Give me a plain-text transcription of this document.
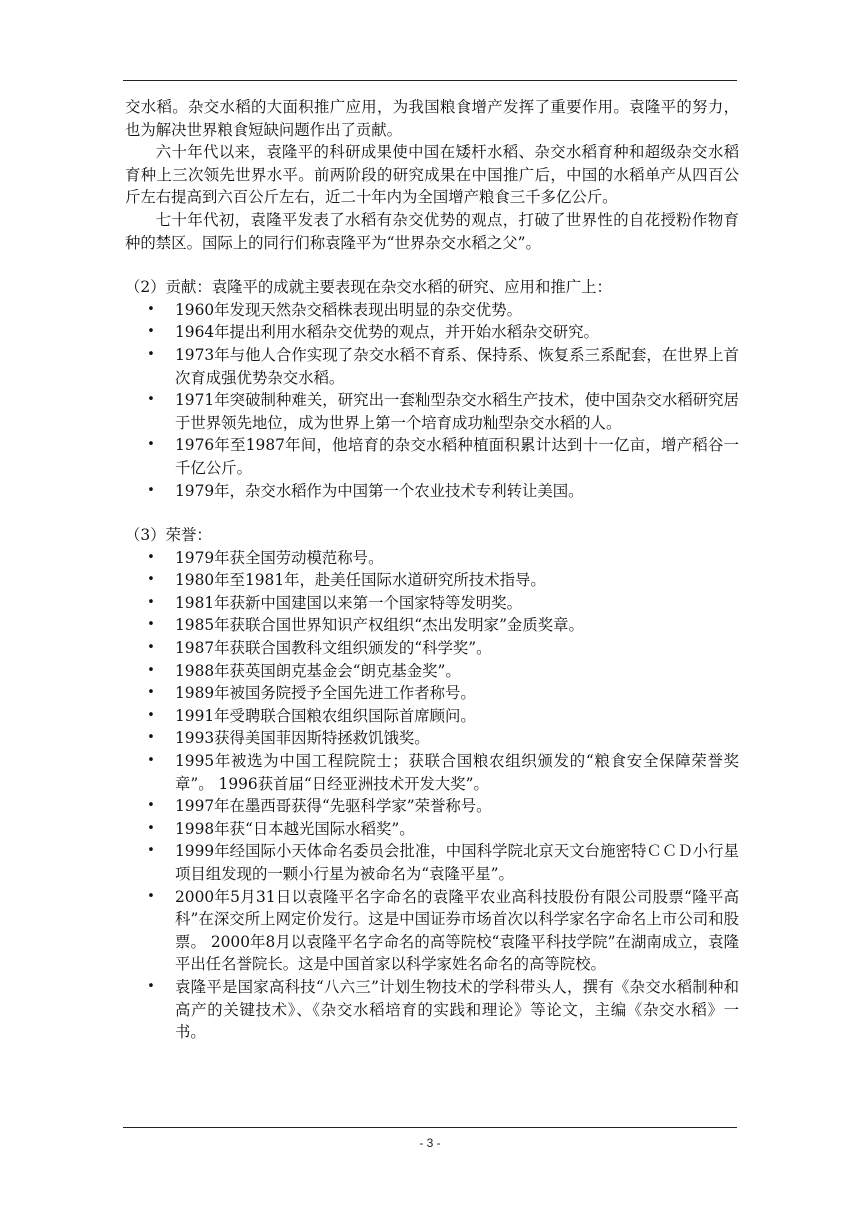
交水稻。杂交水稻的大面积推广应用，为我国粮食增产发挥了重要作用。袁隆平的努力，也为解决世界粮食短缺问题作出了贡献。

六十年代以来，袁隆平的科研成果使中国在矮杆水稻、杂交水稻育种和超级杂交水稻育种上三次领先世界水平。前两阶段的研究成果在中国推广后，中国的水稻单产从四百公斤左右提高到六百公斤左右，近二十年内为全国增产粮食三千多亿公斤。

七十年代初，袁隆平发表了水稻有杂交优势的观点，打破了世界性的自花授粉作物育种的禁区。国际上的同行们称袁隆平为“世界杂交水稻之父”。

（2）贡献：袁隆平的成就主要表现在杂交水稻的研究、应用和推广上：

• 1960年发现天然杂交稻株表现出明显的杂交优势。
• 1964年提出利用水稻杂交优势的观点，并开始水稻杂交研究。
• 1973年与他人合作实现了杂交水稻不育系、保持系、恢复系三系配套，在世界上首次育成强优势杂交水稻。
• 1971年突破制种难关，研究出一套籼型杂交水稻生产技术，使中国杂交水稻研究居于世界领先地位，成为世界上第一个培育成功籼型杂交水稻的人。
• 1976年至1987年间，他培育的杂交水稻种植面积累计达到十一亿亩，增产稻谷一千亿公斤。
• 1979年，杂交水稻作为中国第一个农业技术专利转让美国。

（3）荣誉：

• 1979年获全国劳动模范称号。
• 1980年至1981年，赴美任国际水道研究所技术指导。
• 1981年获新中国建国以来第一个国家特等发明奖。
• 1985年获联合国世界知识产权组织“杰出发明家”金质奖章。
• 1987年获联合国教科文组织颁发的“科学奖”。
• 1988年获英国朗克基金会“朗克基金奖”。
• 1989年被国务院授予全国先进工作者称号。
• 1991年受聘联合国粮农组织国际首席顾问。
• 1993获得美国菲因斯特拯救饥饿奖。
• 1995年被选为中国工程院院士；获联合国粮农组织颁发的“粮食安全保障荣誉奖章”。 1996获首届“日经亚洲技术开发大奖”。
• 1997年在墨西哥获得“先驱科学家”荣誉称号。
• 1998年获“日本越光国际水稻奖”。
• 1999年经国际小天体命名委员会批准，中国科学院北京天文台施密特ＣＣＤ小行星项目组发现的一颗小行星为被命名为“袁隆平星”。
• 2000年5月31日以袁隆平名字命名的袁隆平农业高科技股份有限公司股票“隆平高科”在深交所上网定价发行。这是中国证券市场首次以科学家名字命名上市公司和股票。 2000年8月以袁隆平名字命名的高等院校“袁隆平科技学院”在湖南成立，袁隆平出任名誉院长。这是中国首家以科学家姓名命名的高等院校。
• 袁隆平是国家高科技“八六三”计划生物技术的学科带头人，撰有《杂交水稻制种和高产的关键技术》、《杂交水稻培育的实践和理论》等论文，主编《杂交水稻》一书。
- 3 -
